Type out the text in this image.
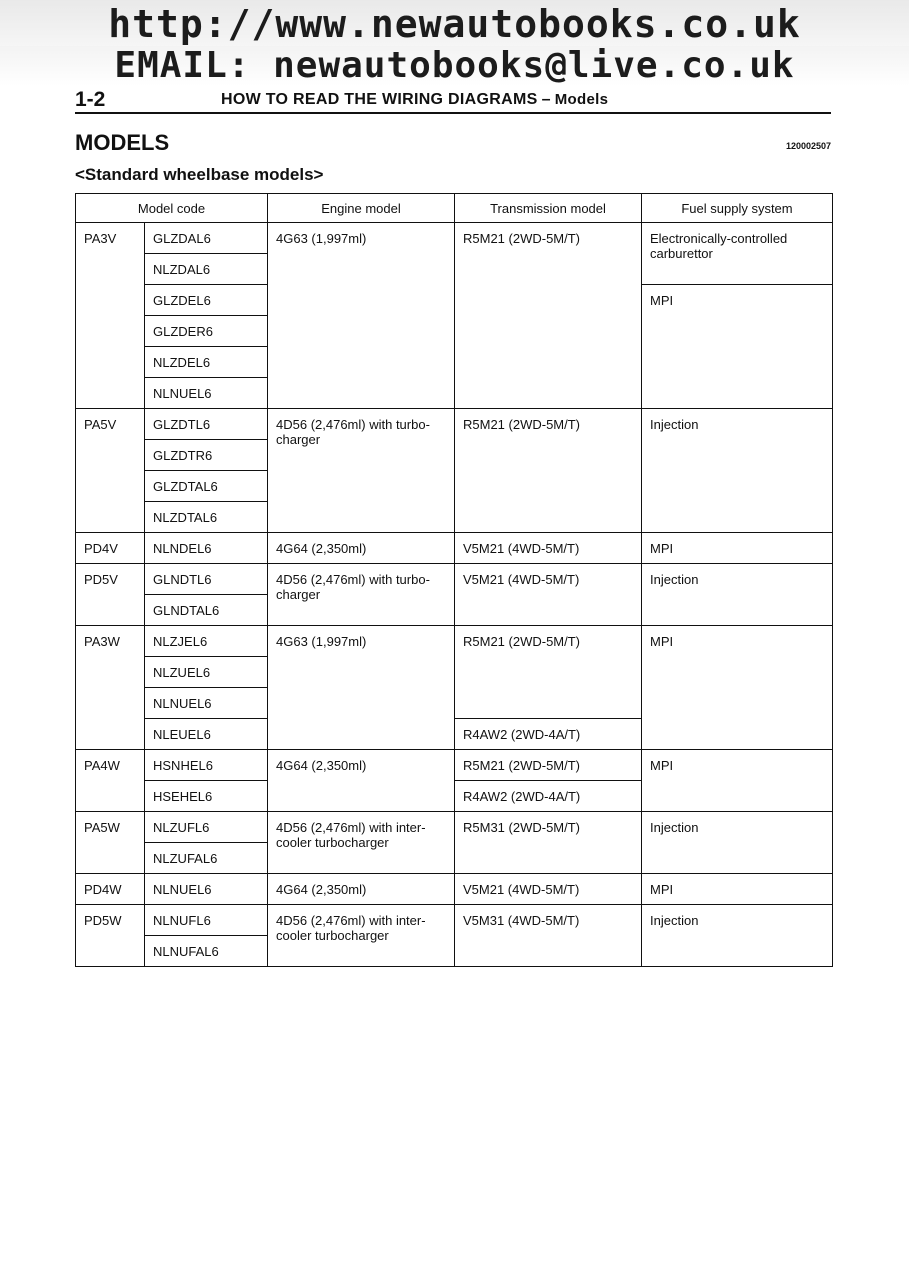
http://www.newautobooks.co.uk
EMAIL: newautobooks@live.co.uk
1-2	HOW TO READ THE WIRING DIAGRAMS – Models
MODELS	120002507
<Standard wheelbase models>
Model code		Engine model	Transmission model	Fuel supply system
PA3V	GLZDAL6	4G63 (1,997ml)	R5M21 (2WD-5M/T)	Electronically-controlled carburettor
	NLZDAL6			
	GLZDEL6			MPI
	GLZDER6			
	NLZDEL6			
	NLNUEL6			
PA5V	GLZDTL6	4D56 (2,476ml) with turbo-charger	R5M21 (2WD-5M/T)	Injection
	GLZDTR6			
	GLZDTAL6			
	NLZDTAL6			
PD4V	NLNDEL6	4G64 (2,350ml)	V5M21 (4WD-5M/T)	MPI
PD5V	GLNDTL6	4D56 (2,476ml) with turbo-charger	V5M21 (4WD-5M/T)	Injection
	GLNDTAL6			
PA3W	NLZJEL6	4G63 (1,997ml)	R5M21 (2WD-5M/T)	MPI
	NLZUEL6			
	NLNUEL6			
	NLEUEL6		R4AW2 (2WD-4A/T)	
PA4W	HSNHEL6	4G64 (2,350ml)	R5M21 (2WD-5M/T)	MPI
	HSEHEL6		R4AW2 (2WD-4A/T)	
PA5W	NLZUFL6	4D56 (2,476ml) with inter-cooler turbocharger	R5M31 (2WD-5M/T)	Injection
	NLZUFAL6			
PD4W	NLNUEL6	4G64 (2,350ml)	V5M21 (4WD-5M/T)	MPI
PD5W	NLNUFL6	4D56 (2,476ml) with inter-cooler turbocharger	V5M31 (4WD-5M/T)	Injection
	NLNUFAL6			
